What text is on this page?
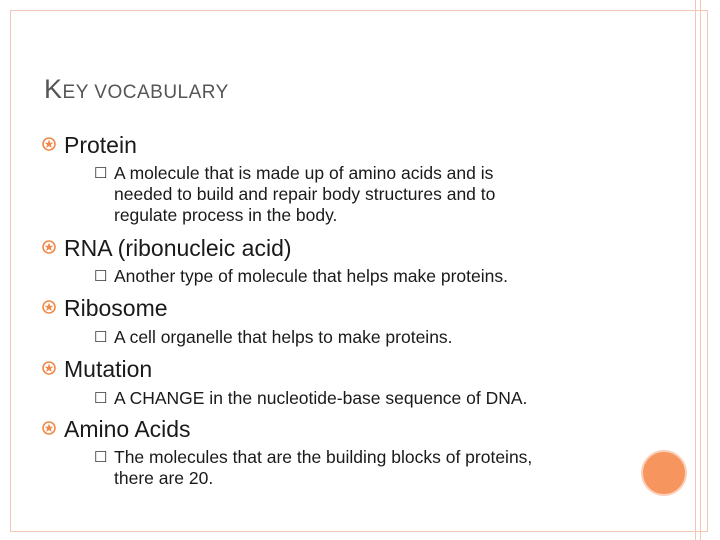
KEY VOCABULARY
Protein
☐ A molecule that is made up of amino acids and is
needed to build and repair body structures and to
regulate process in the body.
RNA (ribonucleic acid)
☐ Another type of molecule that helps make proteins.
Ribosome
☐ A cell organelle that helps to make proteins.
Mutation
☐ A CHANGE in the nucleotide-base sequence of DNA.
Amino Acids
☐ The molecules that are the building blocks of proteins,
there are 20.
